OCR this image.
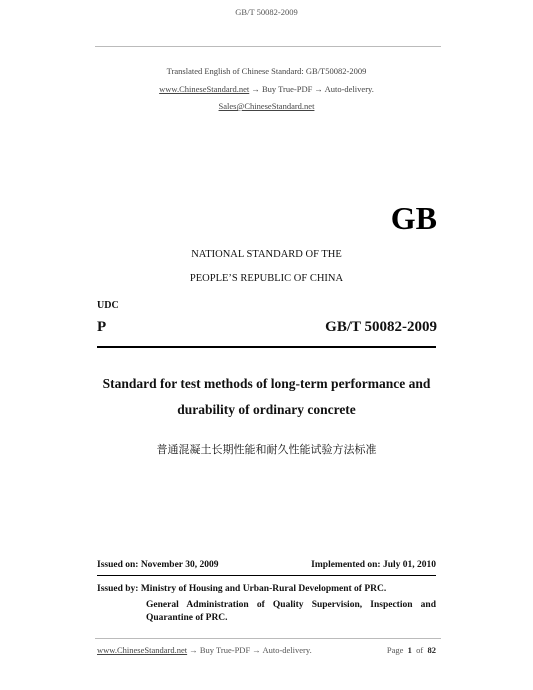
GB/T 50082-2009
Translated English of Chinese Standard: GB/T50082-2009
www.ChineseStandard.net → Buy True-PDF → Auto-delivery.
Sales@ChineseStandard.net
GB
NATIONAL STANDARD OF THE
PEOPLE’S REPUBLIC OF CHINA
UDC
P	GB/T 50082-2009
Standard for test methods of long-term performance and
durability of ordinary concrete
普通混凝土长期性能和耐久性能试验方法标准
Issued on: November 30, 2009	Implemented on: July 01, 2010
Issued by: Ministry of Housing and Urban-Rural Development of PRC.
General Administration of Quality Supervision, Inspection and Quarantine of PRC.
www.ChineseStandard.net → Buy True-PDF → Auto-delivery.	Page 1 of 82
